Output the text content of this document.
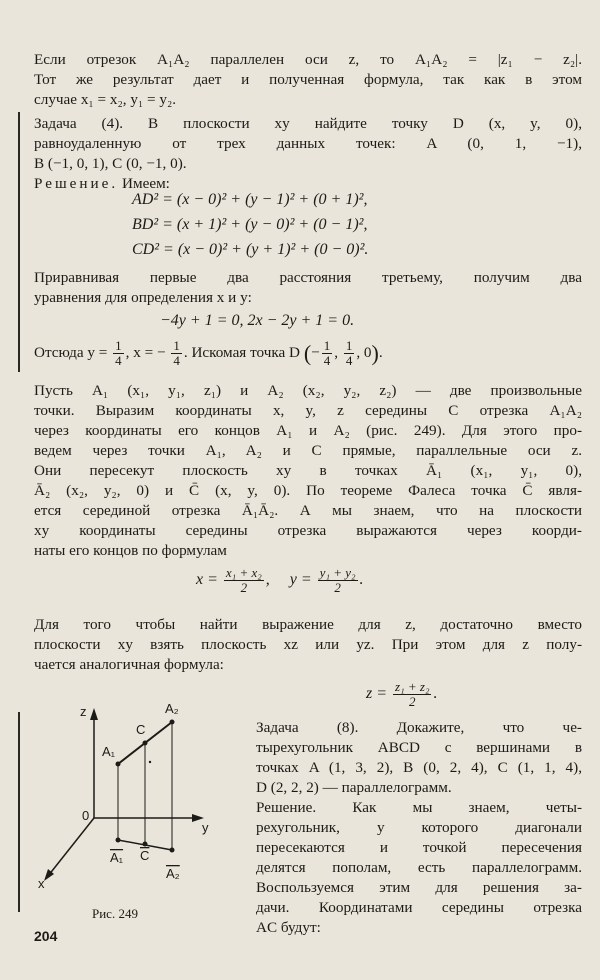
Если отрезок A₁A₂ параллелен оси z, то A₁A₂ = |z₁ − z₂|.
Тот же результат дает и полученная формула, так как в этом
случае x₁ = x₂, y₁ = y₂.
Задача (4). В плоскости xy найдите точку D (x, y, 0),
равноудаленную от трех данных точек: A (0, 1, −1),
B (−1, 0, 1), C (0, −1, 0).
Решение. Имеем:
AD² = (x − 0)² + (y − 1)² + (0 + 1)²,
BD² = (x + 1)² + (y − 0)² + (0 − 1)²,
CD² = (x − 0)² + (y + 1)² + (0 − 0)².
Приравнивая первые два расстояния третьему, получим два
уравнения для определения x и y:
−4y + 1 = 0, 2x − 2y + 1 = 0.
Отсюда $y = \frac{1}{4}$ , x = − $\frac{1}{4}$ . Искомая точка D (− $\frac{1}{4}$ , $\frac{1}{4}$ , 0).
Пусть A₁ (x₁, y₁, z₁) и A₂ (x₂, y₂, z₂) — две произвольные
точки. Выразим координаты x, y, z середины C отрезка A₁A₂
через координаты его концов A₁ и A₂ (рис. 249). Для этого про-
ведем через точки A₁, A₂ и C прямые, параллельные оси z.
Они пересекут плоскость xy в точках Ā₁ (x₁, y₁, 0),
Ā₂ (x₂, y₂, 0) и C̄ (x, y, 0). По теореме Фалеса точка C̄ явля-
ется серединой отрезка Ā₁Ā₂. А мы знаем, что на плоскости
xy координаты середины отрезка выражаются через коорди-
наты его концов по формулам
$x = \frac{\text{x₁ + x₂}}{2}$ ,     $y = \frac{\text{y₁ + y₂}}{2}$ .
Для того чтобы найти выражение для z, достаточно вместо
плоскости xy взять плоскость xz или yz. При этом для z полу-
чается аналогичная формула:
$z = \frac{\text{z₁ + z₂}}{2}$ .
z
y
x
0
A₁
C
A₂
A₁ C
A₂
Рис. 249
Задача (8). Докажите, что че-
тырехугольник ABCD с вершинами в
точках A (1, 3, 2), B (0, 2, 4), C (1, 1, 4),
D (2, 2, 2) — параллелограмм.
Решение. Как мы знаем, четы-
рехугольник, у которого диагонали
пересекаются и точкой пересечения
делятся пополам, есть параллелограмм.
Воспользуемся этим для решения за-
дачи. Координатами середины отрезка
AC будут:
204
